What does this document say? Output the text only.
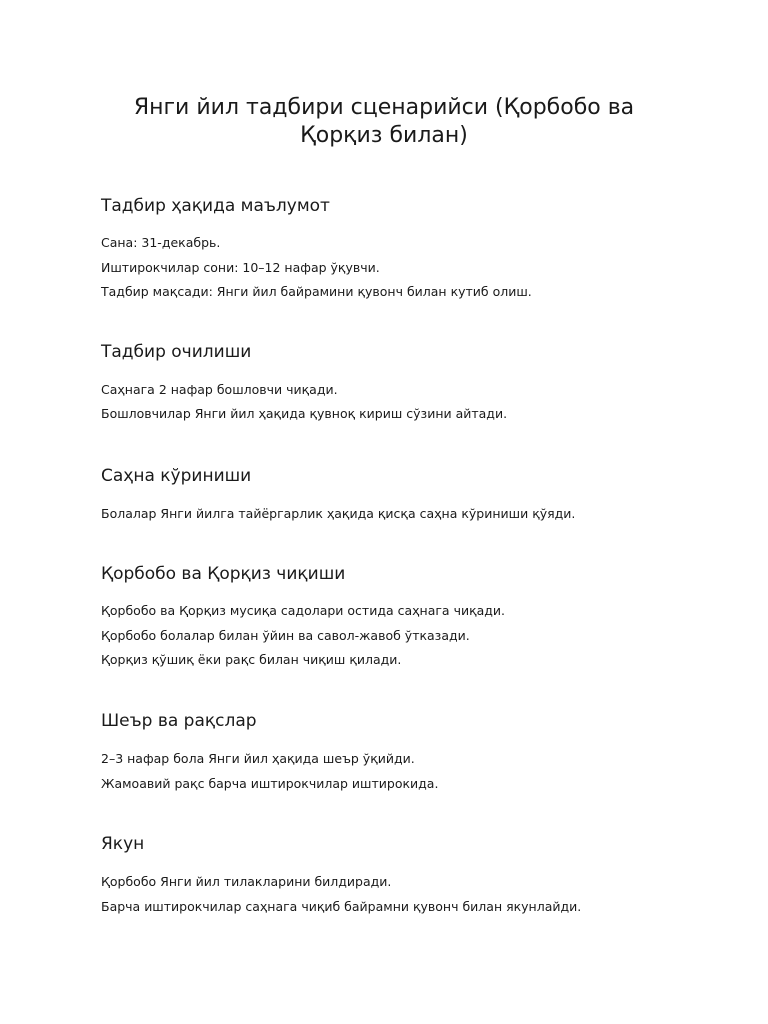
Янги йил тадбири сценарийси (Қорбобо ва Қорқиз билан)
Тадбир ҳақида маълумот

Сана: 31-декабрь.

Иштирокчилар сони: 10–12 нафар ўқувчи.

Тадбир мақсади: Янги йил байрамини қувонч билан кутиб олиш.

Тадбир очилиши

Саҳнага 2 нафар бошловчи чиқади.

Бошловчилар Янги йил ҳақида қувноқ кириш сўзини айтади.

Саҳна кўриниши

Болалар Янги йилга тайёргарлик ҳақида қисқа саҳна кўриниши қўяди.

Қорбобо ва Қорқиз чиқиши

Қорбобо ва Қорқиз мусиқа садолари остида саҳнага чиқади.

Қорбобо болалар билан ўйин ва савол-жавоб ўтказади.

Қорқиз қўшиқ ёки рақс билан чиқиш қилади.

Шеър ва рақслар

2–3 нафар бола Янги йил ҳақида шеър ўқийди.

Жамоавий рақс барча иштирокчилар иштирокида.

Якун

Қорбобо Янги йил тилакларини билдиради.

Барча иштирокчилар саҳнага чиқиб байрамни қувонч билан якунлайди.
